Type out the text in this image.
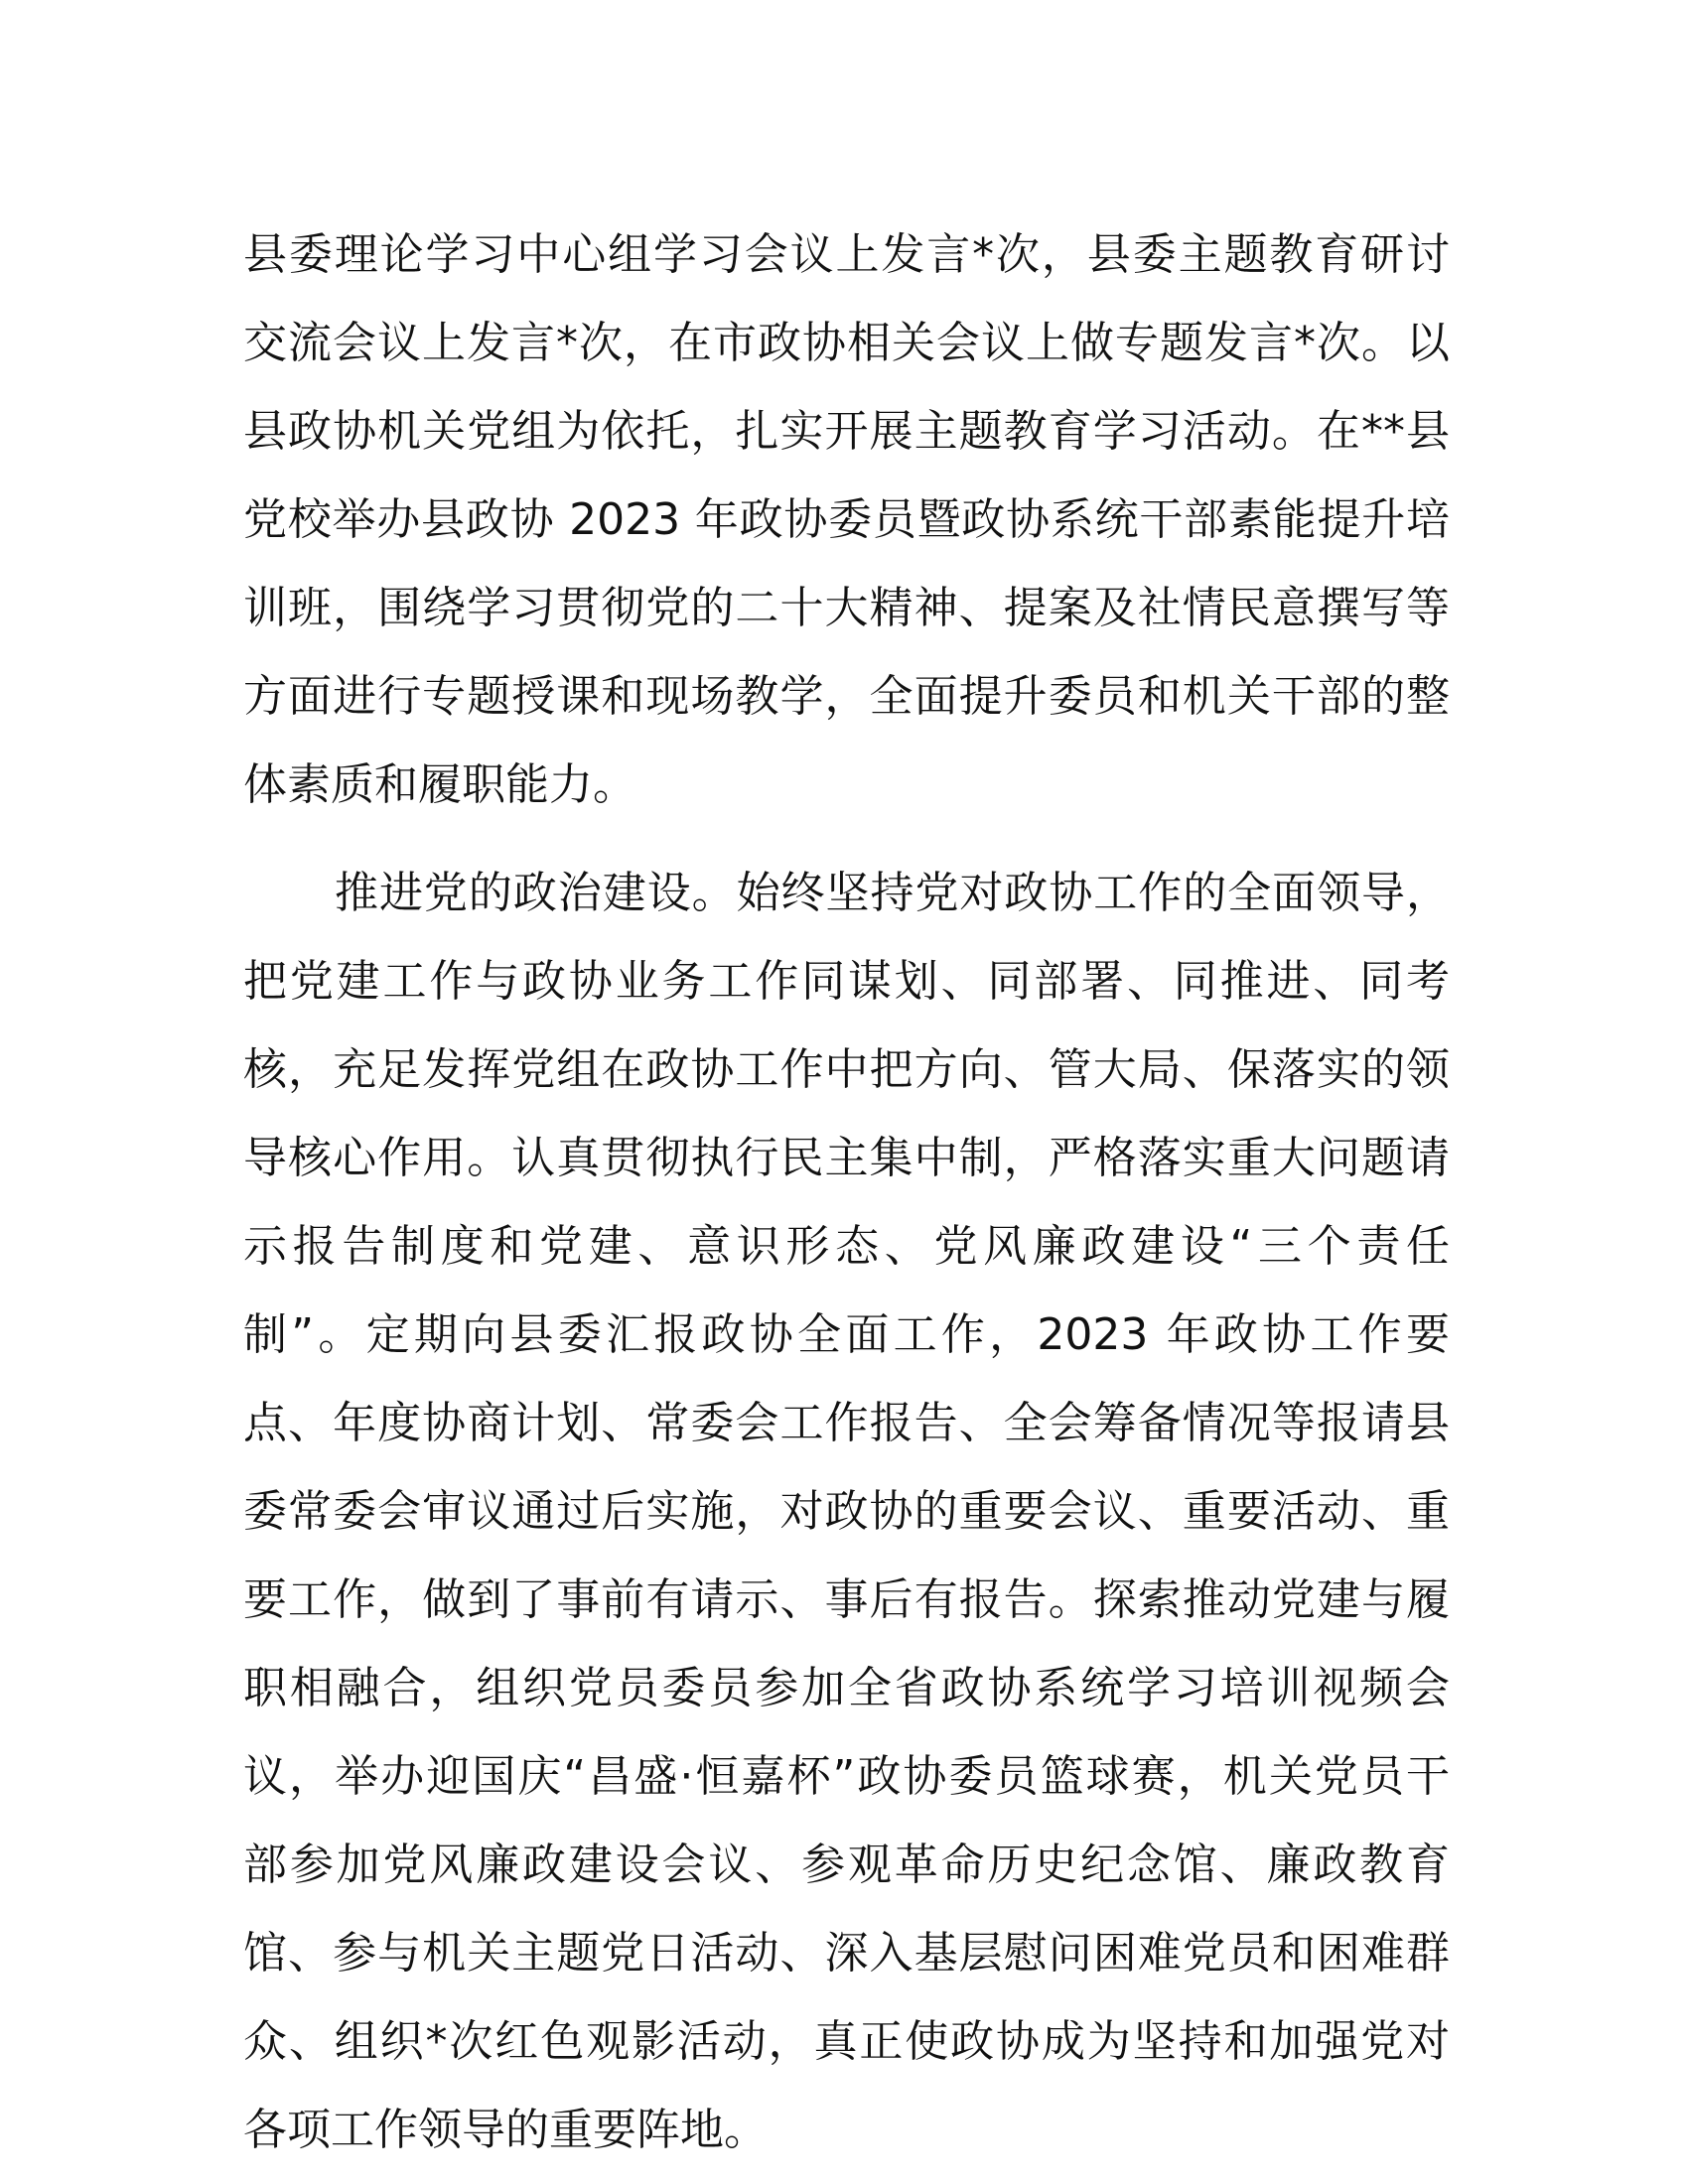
县委理论学习中心组学习会议上发言*次，县委主题教育研讨
交流会议上发言*次，在市政协相关会议上做专题发言*次。以
县政协机关党组为依托，扎实开展主题教育学习活动。在**县
党校举办县政协 2023 年政协委员暨政协系统干部素能提升培
训班，围绕学习贯彻党的二十大精神、提案及社情民意撰写等
方面进行专题授课和现场教学，全面提升委员和机关干部的整
体素质和履职能力。
推进党的政治建设。始终坚持党对政协工作的全面领导，
把党建工作与政协业务工作同谋划、同部署、同推进、同考
核，充足发挥党组在政协工作中把方向、管大局、保落实的领
导核心作用。认真贯彻执行民主集中制，严格落实重大问题请
示报告制度和党建、意识形态、党风廉政建设“三个责任
制”。定期向县委汇报政协全面工作，2023 年政协工作要
点、年度协商计划、常委会工作报告、全会筹备情况等报请县
委常委会审议通过后实施，对政协的重要会议、重要活动、重
要工作，做到了事前有请示、事后有报告。探索推动党建与履
职相融合，组织党员委员参加全省政协系统学习培训视频会
议，举办迎国庆“昌盛·恒嘉杯”政协委员篮球赛，机关党员干
部参加党风廉政建设会议、参观革命历史纪念馆、廉政教育
馆、参与机关主题党日活动、深入基层慰问困难党员和困难群
众、组织*次红色观影活动，真正使政协成为坚持和加强党对
各项工作领导的重要阵地。
